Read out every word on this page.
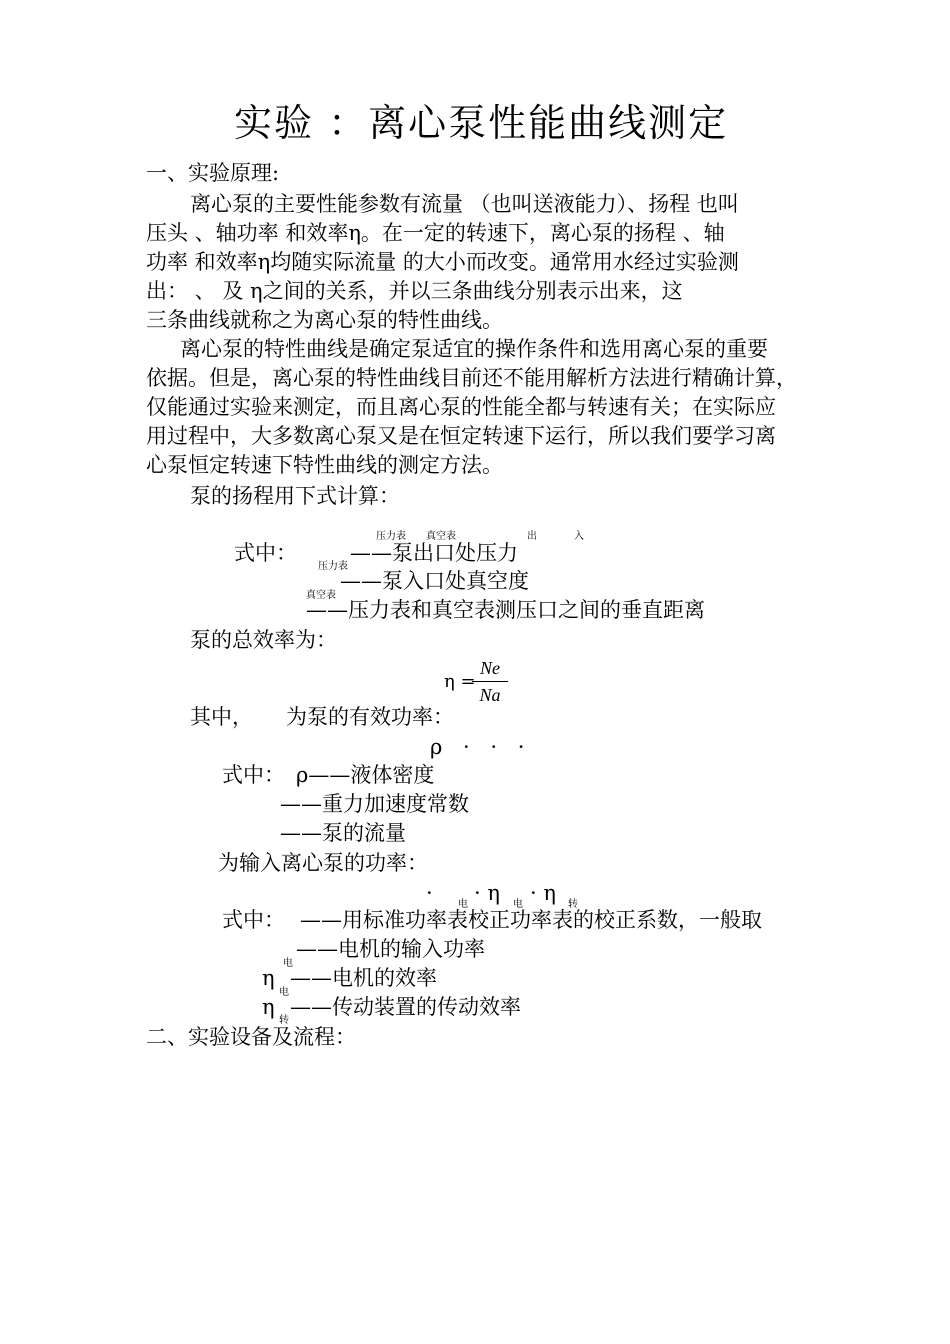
实验 ：离心泵性能曲线测定
一、实验原理:
离心泵的主要性能参数有流量 （也叫送液能力）、扬程 也叫
压头 、轴功率 和效率η。在一定的转速下，离心泵的扬程 、轴
功率 和效率η均随实际流量 的大小而改变。通常用水经过实验测
出： 、 及 η之间的关系，并以三条曲线分别表示出来，这
三条曲线就称之为离心泵的特性曲线。
离心泵的特性曲线是确定泵适宜的操作条件和选用离心泵的重要
依据。但是，离心泵的特性曲线目前还不能用解析方法进行精确计算，
仅能通过实验来测定，而且离心泵的性能全都与转速有关；在实际应
用过程中，大多数离心泵又是在恒定转速下运行，所以我们要学习离
心泵恒定转速下特性曲线的测定方法。
泵的扬程用下式计算：
压力表 真空表	出	入
式中：	——泵出口处压力
压力表
——泵入口处真空度
真空表
——压力表和真空表测压口之间的垂直距离
泵的总效率为：
η =
$\frac{Ne}{Na}$
其中， 为泵的有效功率：
ρ · · ·
式中： ρ——液体密度
——重力加速度常数
——泵的流量
为输入离心泵的功率：
· · η · η
电	电	转
式中： ——用标准功率表校正功率表的校正系数，一般取
——电机的输入功率
η
电
——电机的效率
η
电
——传动装置的传动效率
转
二、实验设备及流程：
